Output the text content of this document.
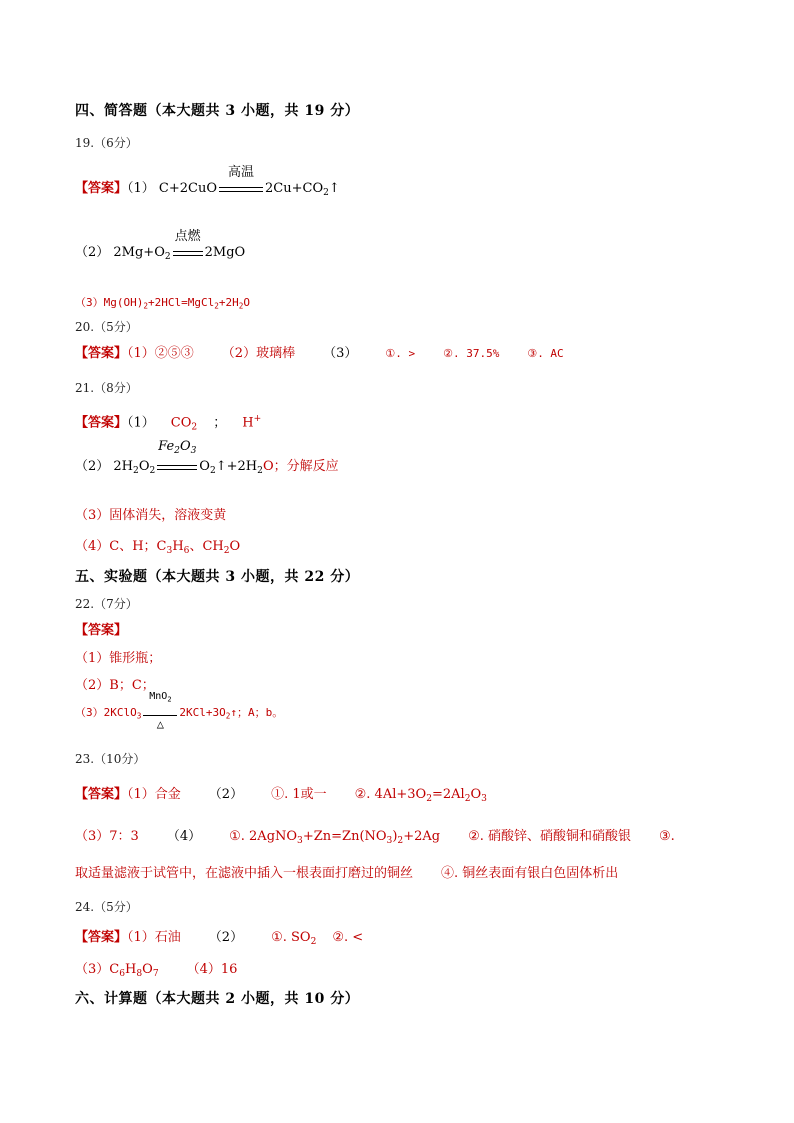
四、简答题（本大题共 3 小题，共 19 分）
19.（6分）
【答案】（1） C+2CuO
高温
$2Cu+CO_2↑$
（2） $2Mg+O_2$
点燃
2MgO
$(3)Mg(OH)_2+2HCl=MgCl_2+2H_2O$
20.（5分）
【答案】（1）②⑤③ （2）玻璃棒 （3）	①. >	②. 37.5%	③. AC
21.（8分）
【答案】（1） $CO_2$ ； H+
（2） $2H_2O_2$
$Fe_2O_3$
$O_2↑+2H_2O$；分解反应
（3）固体消失，溶液变黄
（4）C、H；$C_3H_6$、$CH_2O$
五、实验题（本大题共 3 小题，共 22 分）
22.（7分）
【答案】
（1）锥形瓶；
（2）B；C；
（3）2KClO$_3$
MnO$_2$
△
$2KCl+3O_2↑$；A；b。
23.（10分）
【答案】（1）合金 （2） ①. 1或一 ②. $4Al+3O_2=2Al_2O_3$
（3）7：3 （4） ①. $2AgNO_3+Zn=Zn(NO_3)_2+2Ag$ ②. 硝酸锌、硝酸铜和硝酸银 ③.
取适量滤液于试管中，在滤液中插入一根表面打磨过的铜丝 ④. 铜丝表面有银白色固体析出
24.（5分）
【答案】（1）石油 （2） ①. $SO_2$ ②. <
$(3)C_6H_8O_7$ （4）16
六、计算题（本大题共 2 小题，共 10 分）
